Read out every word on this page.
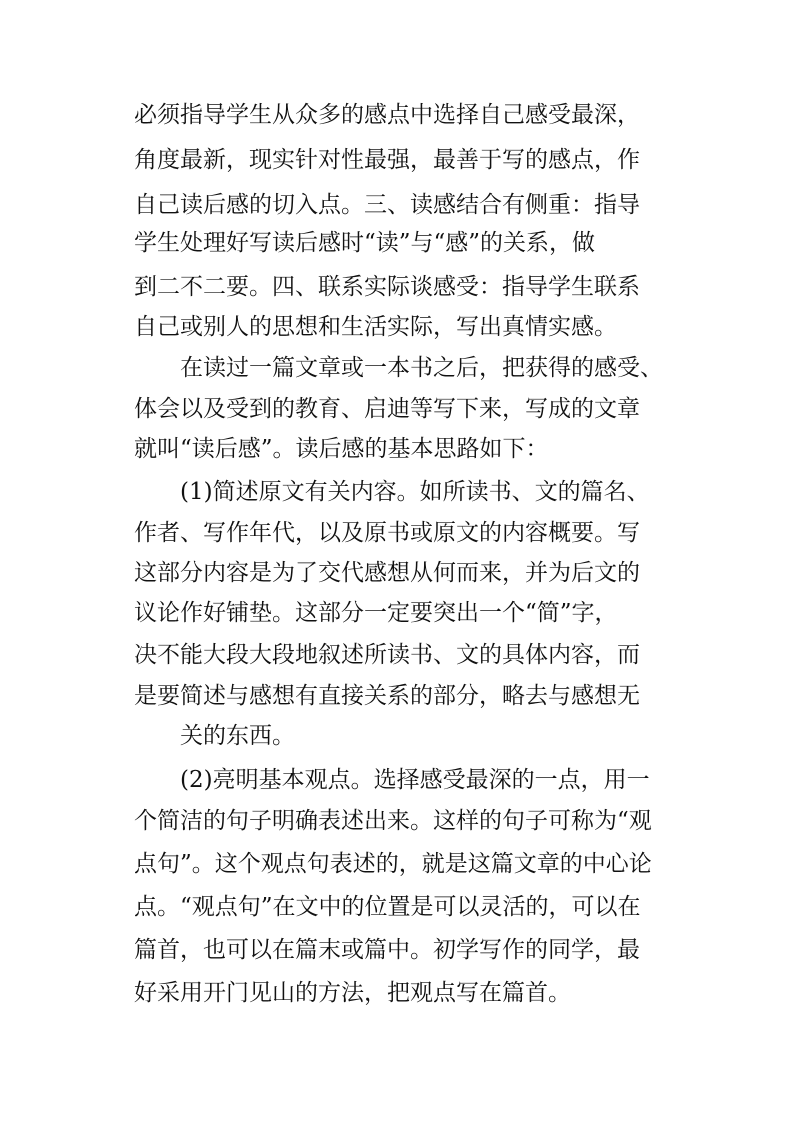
必须指导学生从众多的感点中选择自己感受最深，

角度最新，现实针对性最强，最善于写的感点，作

自己读后感的切入点。三、读感结合有侧重：指导

学生处理好写读后感时“读”与“感”的关系，做

到二不二要。四、联系实际谈感受：指导学生联系

自己或别人的思想和生活实际，写出真情实感。

在读过一篇文章或一本书之后，把获得的感受、

体会以及受到的教育、启迪等写下来，写成的文章

就叫“读后感”。读后感的基本思路如下：

(1)简述原文有关内容。如所读书、文的篇名、

作者、写作年代，以及原书或原文的内容概要。写

这部分内容是为了交代感想从何而来，并为后文的

议论作好铺垫。这部分一定要突出一个“简”字，

决不能大段大段地叙述所读书、文的具体内容，而

是要简述与感想有直接关系的部分，略去与感想无

关的东西。

(2)亮明基本观点。选择感受最深的一点，用一

个简洁的句子明确表述出来。这样的句子可称为“观

点句”。这个观点句表述的，就是这篇文章的中心论

点。“观点句”在文中的位置是可以灵活的，可以在

篇首，也可以在篇末或篇中。初学写作的同学，最

好采用开门见山的方法，把观点写在篇首。
